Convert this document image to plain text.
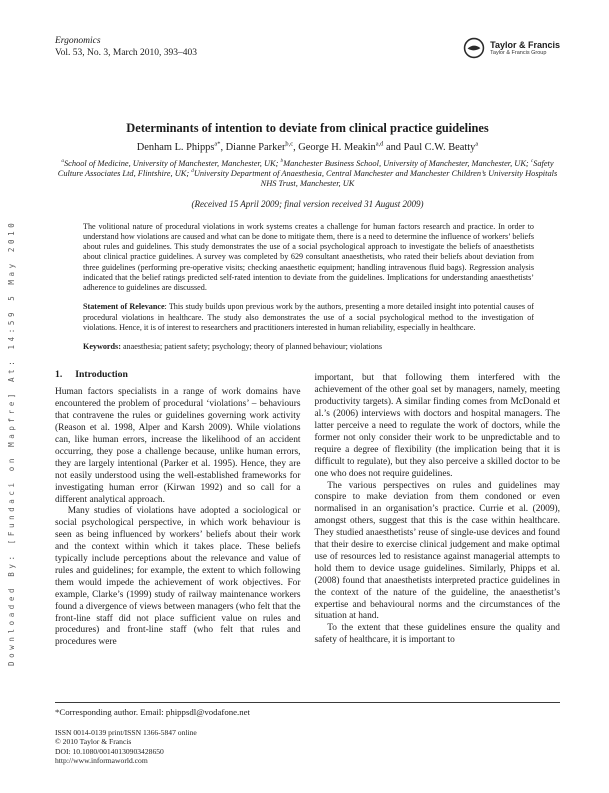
Downloaded By: [Fundaci on Mapfre] At: 14:59 5 May 2010
Ergonomics
Vol. 53, No. 3, March 2010, 393–403
Taylor & Francis
Taylor & Francis Group
Determinants of intention to deviate from clinical practice guidelines
Denham L. Phipps$^{a*}$, Dianne Parker$^{b,c}$, George H. Meakin$^{a,d}$ and Paul C.W. Beatty$^a$
$^a$School of Medicine, University of Manchester, Manchester, UK; $^b$Manchester Business School, University of Manchester, Manchester, UK; $^c$Safety Culture Associates Ltd, Flintshire, UK; $^d$University Department of Anaesthesia, Central Manchester and Manchester Children’s University Hospitals NHS Trust, Manchester, UK
(Received 15 April 2009; final version received 31 August 2009)
The volitional nature of procedural violations in work systems creates a challenge for human factors research and practice. In order to understand how violations are caused and what can be done to mitigate them, there is a need to determine the influence of workers’ beliefs about rules and guidelines. This study demonstrates the use of a social psychological approach to investigate the beliefs of anaesthetists about clinical practice guidelines. A survey was completed by 629 consultant anaesthetists, who rated their beliefs about deviation from three guidelines (performing pre-operative visits; checking anaesthetic equipment; handling intravenous fluid bags). Regression analysis indicated that the belief ratings predicted self-rated intention to deviate from the guidelines. Implications for understanding anaesthetists’ adherence to guidelines are discussed.
Statement of Relevance: This study builds upon previous work by the authors, presenting a more detailed insight into potential causes of procedural violations in healthcare. The study also demonstrates the use of a social psychological method to the investigation of violations. Hence, it is of interest to researchers and practitioners interested in human reliability, especially in healthcare.
Keywords: anaesthesia; patient safety; psychology; theory of planned behaviour; violations
1. Introduction

Human factors specialists in a range of work domains have encountered the problem of procedural ‘violations’ – behaviours that contravene the rules or guidelines governing work activity (Reason et al. 1998, Alper and Karsh 2009). While violations can, like human errors, increase the likelihood of an accident occurring, they pose a challenge because, unlike human errors, they are largely intentional (Parker et al. 1995). Hence, they are not easily understood using the well-established frameworks for investigating human error (Kirwan 1992) and so call for a different analytical approach.

Many studies of violations have adopted a sociological or social psychological perspective, in which work behaviour is seen as being influenced by workers’ beliefs about their work and the context within which it takes place. These beliefs typically include perceptions about the relevance and value of rules and guidelines; for example, the extent to which following them would impede the achievement of work objectives. For example, Clarke’s (1999) study of railway maintenance workers found a divergence of views between managers (who felt that the front-line staff did not place sufficient value on rules and procedures) and front-line staff (who felt that rules and procedures were

important, but that following them interfered with the achievement of the other goal set by managers, namely, meeting productivity targets). A similar finding comes from McDonald et al.’s (2006) interviews with doctors and hospital managers. The latter perceive a need to regulate the work of doctors, while the former not only consider their work to be unpredictable and to require a degree of flexibility (the implication being that it is difficult to regulate), but they also perceive a skilled doctor to be one who does not require guidelines.

The various perspectives on rules and guidelines may conspire to make deviation from them condoned or even normalised in an organisation’s practice. Currie et al. (2009), amongst others, suggest that this is the case within healthcare. They studied anaesthetists’ reuse of single-use devices and found that their desire to exercise clinical judgement and make optimal use of resources led to resistance against managerial attempts to hold them to device usage guidelines. Similarly, Phipps et al. (2008) found that anaesthetists interpreted practice guidelines in the context of the nature of the guideline, the anaesthetist’s expertise and behavioural norms and the circumstances of the situation at hand.

To the extent that these guidelines ensure the quality and safety of healthcare, it is important to

*Corresponding author. Email: phippsdl@vodafone.net
ISSN 0014-0139 print/ISSN 1366-5847 online
© 2010 Taylor & Francis
DOI: 10.1080/00140130903428650
http://www.informaworld.com
